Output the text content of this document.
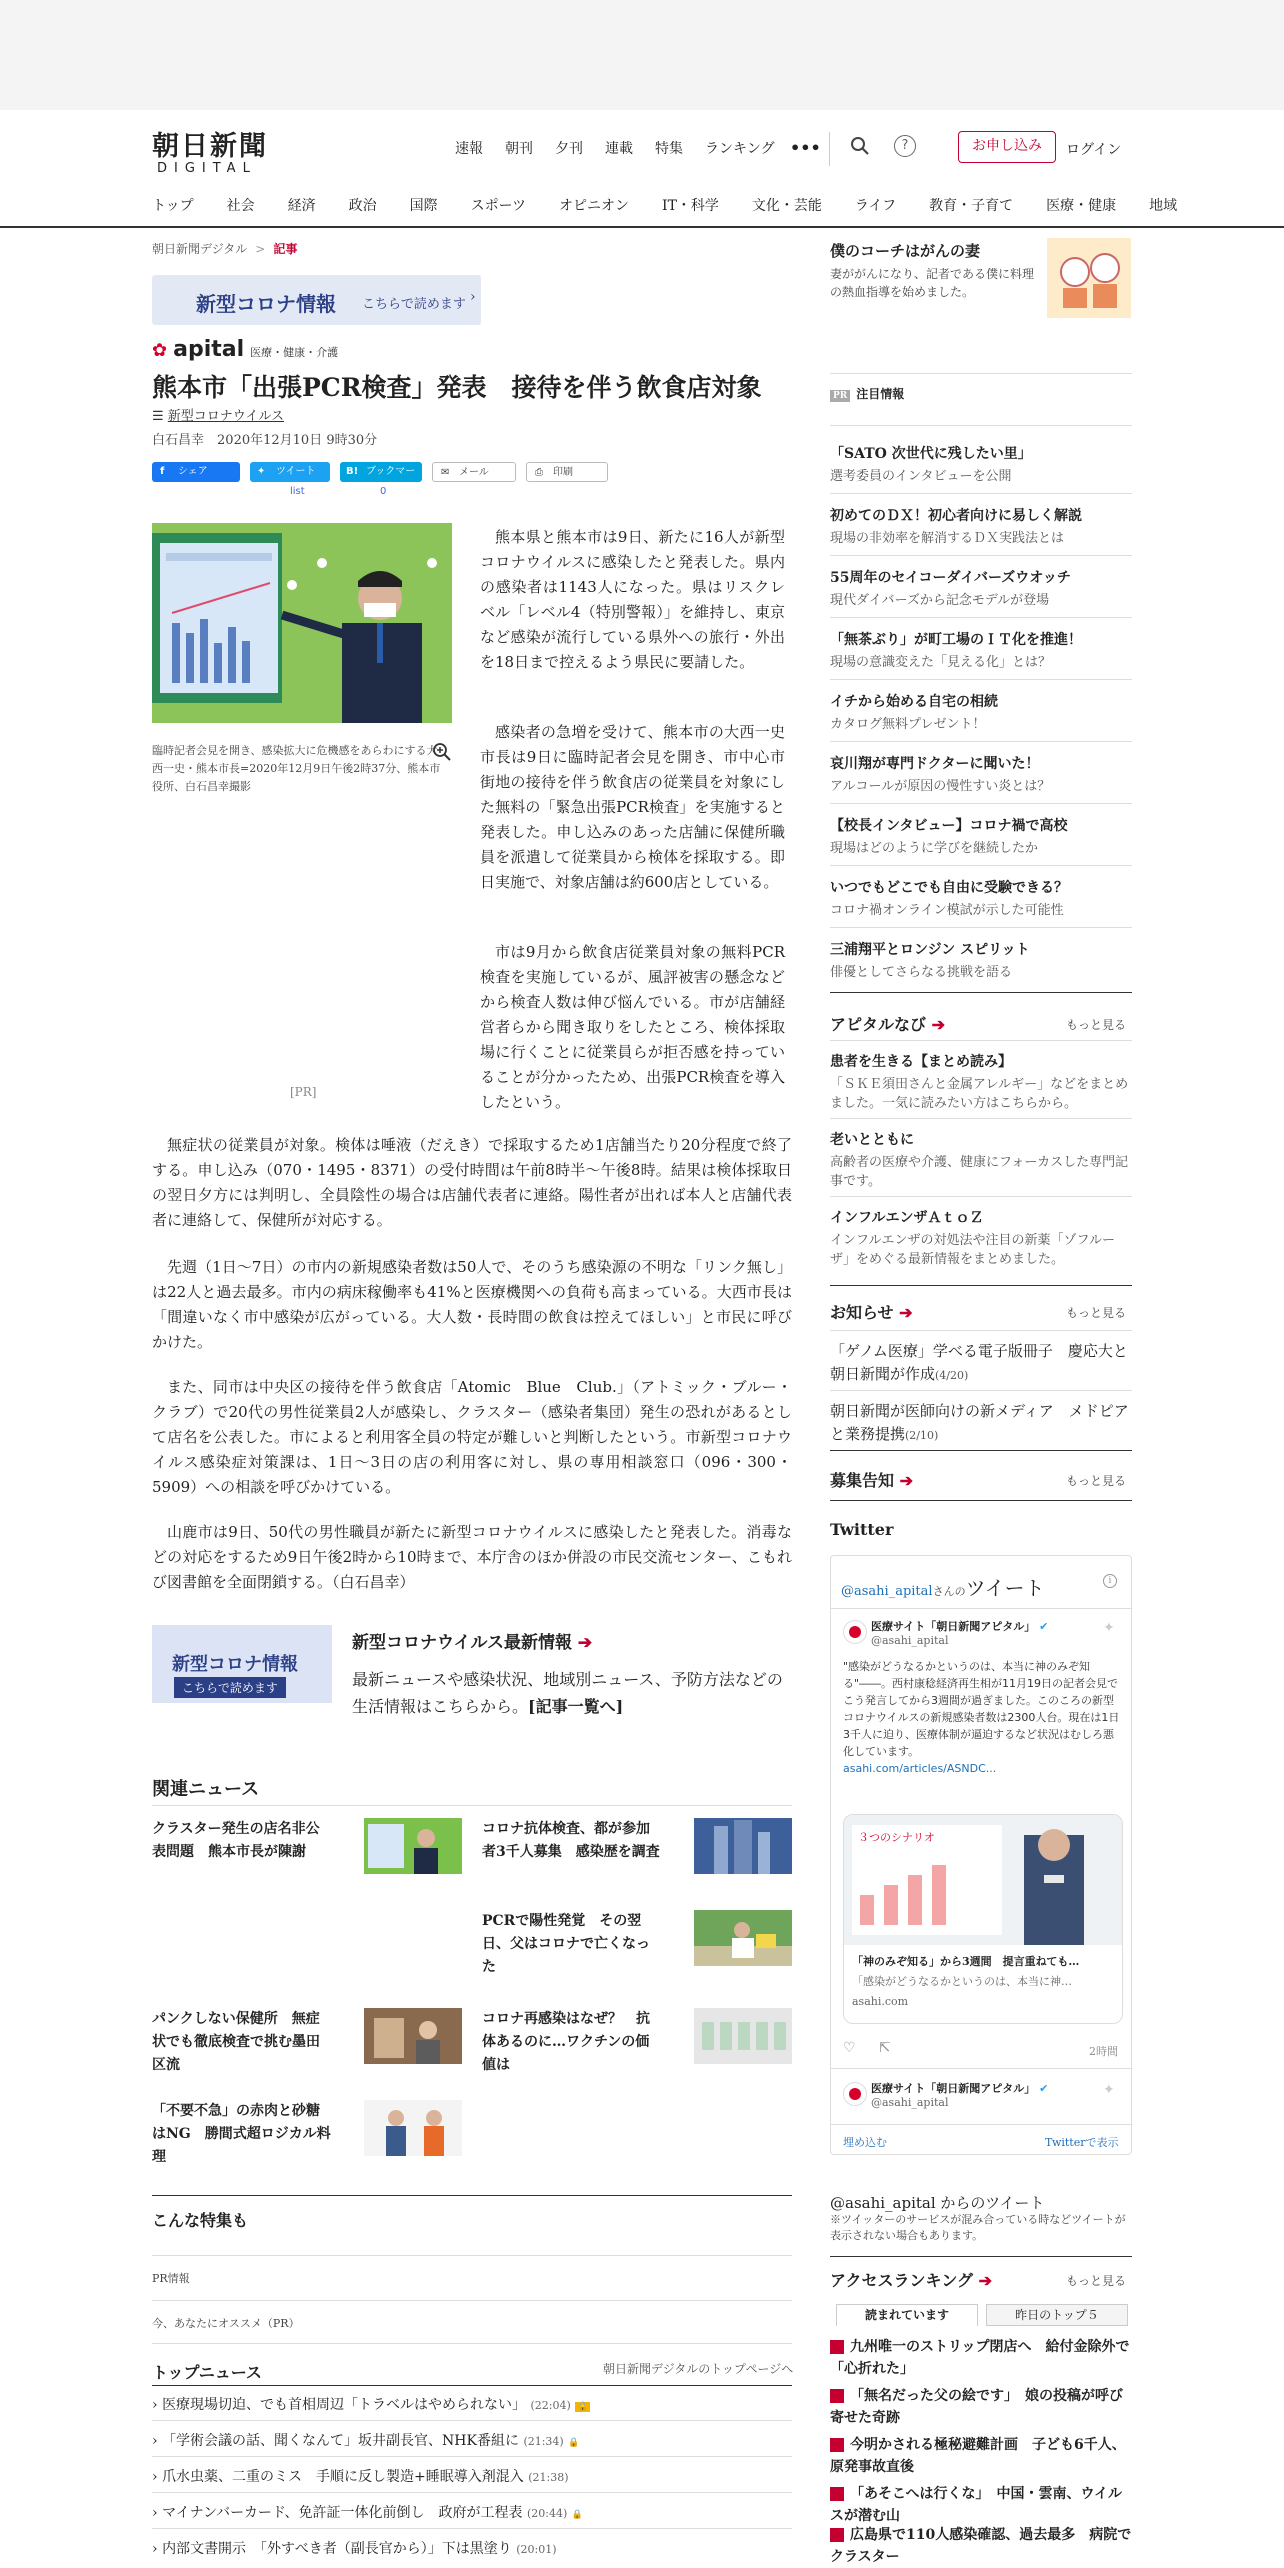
朝日新聞
DIGITAL
速報 朝刊 夕刊 連載 特集 ランキング •••	?	お申し込み	ログイン
トップ 社会 経済 政治 国際 スポーツ オピニオン IT・科学 文化・芸能 ライフ 教育・子育て 医療・健康 地域
朝日新聞デジタル > 記事
新型コロナ情報 こちらで読めます ›
✿ apital 医療・健康・介護
熊本市「出張PCR検査」発表　接待を伴う飲食店対象
☰ 新型コロナウイルス
白石昌幸　 2020年12月10日 9時30分
f シェア	✦ ツイート
list
B! ブックマーク 0
✉ メール	⎙ 印刷
臨時記者会見を開き、感染拡大に危機感をあらわにする大西一史・熊本市長=2020年12月9日午後2時37分、熊本市役所、白石昌幸撮影
[PR]

熊本県と熊本市は9日、新たに16人が新型コロナウイルスに感染したと発表した。県内の感染者は1143人になった。県はリスクレベル「レベル4（特別警報）」を維持し、東京など感染が流行している県外への旅行・外出を18日まで控えるよう県民に要請した。

感染者の急増を受けて、熊本市の大西一史市長は9日に臨時記者会見を開き、市中心市街地の接待を伴う飲食店の従業員を対象にした無料の「緊急出張PCR検査」を実施すると発表した。申し込みのあった店舗に保健所職員を派遣して従業員から検体を採取する。即日実施で、対象店舗は約600店としている。

市は9月から飲食店従業員対象の無料PCR検査を実施しているが、風評被害の懸念などから検査人数は伸び悩んでいる。市が店舗経営者らから聞き取りをしたところ、検体採取場に行くことに従業員らが拒否感を持っていることが分かったため、出張PCR検査を導入したという。

無症状の従業員が対象。検体は唾液（だえき）で採取するため1店舗当たり20分程度で終了する。申し込み（070・1495・8371）の受付時間は午前8時半～午後8時。結果は検体採取日の翌日夕方には判明し、全員陰性の場合は店舗代表者に連絡。陽性者が出れば本人と店舗代表者に連絡して、保健所が対応する。

先週（1日～7日）の市内の新規感染者数は50人で、そのうち感染源の不明な「リンク無し」は22人と過去最多。市内の病床稼働率も41%と医療機関への負荷も高まっている。大西市長は「間違いなく市中感染が広がっている。大人数・長時間の飲食は控えてほしい」と市民に呼びかけた。

また、同市は中央区の接待を伴う飲食店「Atomic　Blue　Club.」（アトミック・ブルー・クラブ）で20代の男性従業員2人が感染し、クラスター（感染者集団）発生の恐れがあるとして店名を公表した。市によると利用客全員の特定が難しいと判断したという。市新型コロナウイルス感染症対策課は、1日～3日の店の利用客に対し、県の専用相談窓口（096・300・5909）への相談を呼びかけている。

山鹿市は9日、50代の男性職員が新たに新型コロナウイルスに感染したと発表した。消毒などの対応をするため9日午後2時から10時まで、本庁舎のほか併設の市民交流センター、こもれび図書館を全面閉鎖する。（白石昌幸）

新型コロナ情報
こちらで読めます
新型コロナウイルス最新情報 ➔
最新ニュースや感染状況、地域別ニュース、予防方法などの生活情報はこちらから。[記事一覧へ]
関連ニュース
クラスター発生の店名非公表問題　熊本市長が陳謝
コロナ抗体検査、都が参加者3千人募集　感染歴を調査
PCRで陽性発覚　その翌日、父はコロナで亡くなった
パンクしない保健所　無症状でも徹底検査で挑む墨田区流
コロナ再感染はなぜ？　抗体あるのに…ワクチンの価値は
「不要不急」の赤肉と砂糖はNG　勝間式超ロジカル料理
こんな特集も
PR情報
今、あなたにオススメ（PR）
トップニュース	朝日新聞デジタルのトップページへ
› 医療現場切迫、でも首相周辺「トラベルはやめられない」 (22:04) 🔒
› 「学術会議の話、聞くなんて」坂井副長官、NHK番組に (21:34) 🔒
› 爪水虫薬、二重のミス　手順に反し製造+睡眠導入剤混入 (21:38)
› マイナンバーカード、免許証一体化前倒し　政府が工程表 (20:44) 🔒
› 内部文書開示　「外すべき者（副長官から）」下は黒塗り (20:01)
僕のコーチはがんの妻
妻ががんになり、記者である僕に料理の熱血指導を始めました。
PR 注目情報
「SATO 次世代に残したい里」
選考委員のインタビューを公開
初めてのＤＸ！初心者向けに易しく解説
現場の非効率を解消するＤＸ実践法とは
55周年のセイコーダイバーズウオッチ
現代ダイバーズから記念モデルが登場
「無茶ぶり」が町工場のＩＴ化を推進！
現場の意識変えた「見える化」とは？
イチから始める自宅の相続
カタログ無料プレゼント！
哀川翔が専門ドクターに聞いた！
アルコールが原因の慢性すい炎とは？
【校長インタビュー】コロナ禍で高校
現場はどのように学びを継続したか
いつでもどこでも自由に受験できる？
コロナ禍オンライン模試が示した可能性
三浦翔平とロンジン スピリット
俳優としてさらなる挑戦を語る
アピタルなび ➔	もっと見る
患者を生きる【まとめ読み】
「ＳＫＥ須田さんと金属アレルギー」などをまとめました。一気に読みたい方はこちらから。
老いとともに
高齢者の医療や介護、健康にフォーカスした専門記事です。
インフルエンザＡｔｏＺ
インフルエンザの対処法や注目の新薬「ゾフルーザ」をめぐる最新情報をまとめました。
お知らせ ➔	もっと見る
「ゲノム医療」学べる電子版冊子　慶応大と朝日新聞が作成(4/20)
朝日新聞が医師向けの新メディア　メドピアと業務提携(2/10)
募集告知 ➔	もっと見る
Twitter
@asahi_apitalさんのツイート	i
医療サイト「朝日新聞アピタル」 ✔
@asahi_apital
✦
"感染がどうなるかというのは、本当に神のみぞ知る"――。西村康稔経済再生相が11月19日の記者会見でこう発言してから3週間が過ぎました。このころの新型コロナウイルスの新規感染者数は2300人台。現在は1日3千人に迫り、医療体制が逼迫するなど状況はむしろ悪化しています。
asahi.com/articles/ASNDC...
３つのシナリオ
「神のみぞ知る」から3週間　提言重ねても…
「感染がどうなるかというのは、本当に神…
asahi.com
♡ ⇱	2時間
医療サイト「朝日新聞アピタル」 ✔
@asahi_apital
✦
埋め込む	Twitterで表示
@asahi_apital からのツイート
※ツイッターのサービスが混み合っている時などツイートが表示されない場合もあります。
アクセスランキング ➔	もっと見る
読まれています	昨日のトップ５
九州唯一のストリップ閉店へ　給付金除外で「心折れた」
「無名だった父の絵です」　娘の投稿が呼び寄せた奇跡
今明かされる極秘避難計画　子ども6千人、原発事故直後
「あそこへは行くな」　中国・雲南、ウイルスが潜む山
広島県で110人感染確認、過去最多　病院でクラスター
